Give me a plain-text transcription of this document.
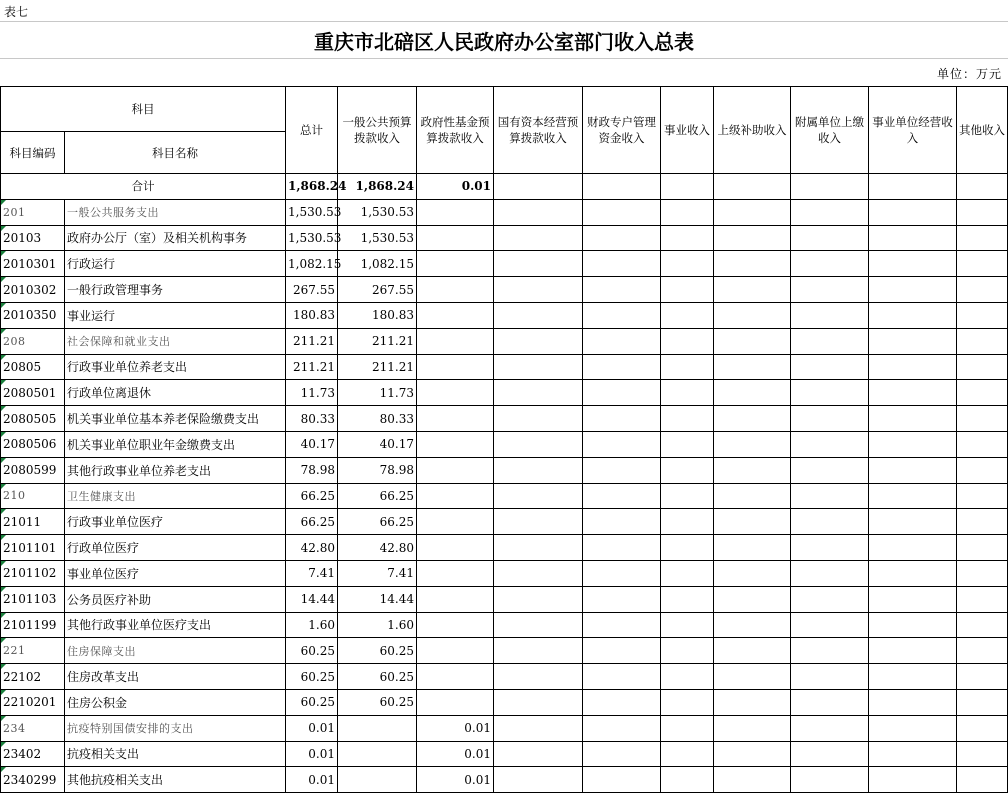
表七
重庆市北碚区人民政府办公室部门收入总表
单位：万元
科目		总计	一般公共预算拨款收入	政府性基金预算拨款收入	国有资本经营预算拨款收入	财政专户管理资金收入	事业收入	上级补助收入	附属单位上缴收入	事业单位经营收入	其他收入
科目编码	科目名称										
合计		1,868.24	1,868.24	0.01							
201	一般公共服务支出	1,530.53	1,530.53								
20103	政府办公厅（室）及相关机构事务	1,530.53	1,530.53								
2010301	行政运行	1,082.15	1,082.15								
2010302	一般行政管理事务	267.55	267.55								
2010350	事业运行	180.83	180.83								
208	社会保障和就业支出	211.21	211.21								
20805	行政事业单位养老支出	211.21	211.21								
2080501	行政单位离退休	11.73	11.73								
2080505	机关事业单位基本养老保险缴费支出	80.33	80.33								
2080506	机关事业单位职业年金缴费支出	40.17	40.17								
2080599	其他行政事业单位养老支出	78.98	78.98								
210	卫生健康支出	66.25	66.25								
21011	行政事业单位医疗	66.25	66.25								
2101101	行政单位医疗	42.80	42.80								
2101102	事业单位医疗	7.41	7.41								
2101103	公务员医疗补助	14.44	14.44								
2101199	其他行政事业单位医疗支出	1.60	1.60								
221	住房保障支出	60.25	60.25								
22102	住房改革支出	60.25	60.25								
2210201	住房公积金	60.25	60.25								
234	抗疫特别国债安排的支出	0.01		0.01							
23402	抗疫相关支出	0.01		0.01							
2340299	其他抗疫相关支出	0.01		0.01							
